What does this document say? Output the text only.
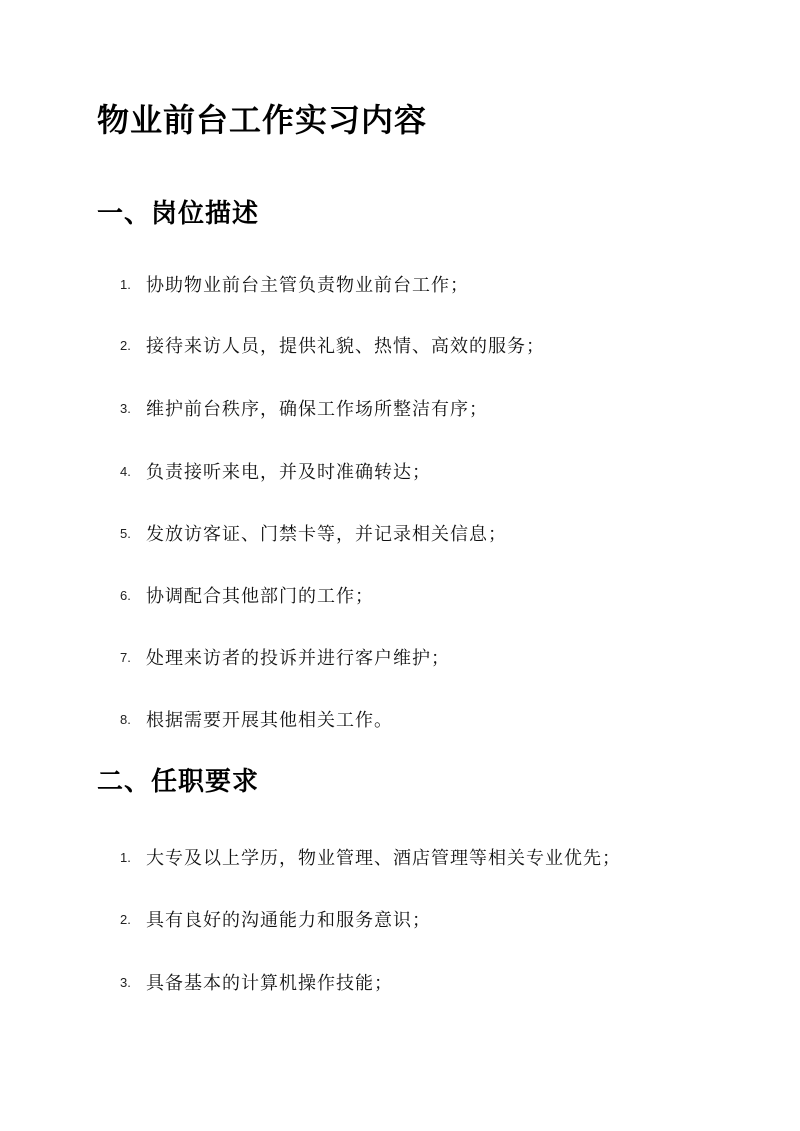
物业前台工作实习内容
一、岗位描述
1. 协助物业前台主管负责物业前台工作；
2. 接待来访人员，提供礼貌、热情、高效的服务；
3. 维护前台秩序，确保工作场所整洁有序；
4. 负责接听来电，并及时准确转达；
5. 发放访客证、门禁卡等，并记录相关信息；
6. 协调配合其他部门的工作；
7. 处理来访者的投诉并进行客户维护；
8. 根据需要开展其他相关工作。
二、任职要求
1. 大专及以上学历，物业管理、酒店管理等相关专业优先；
2. 具有良好的沟通能力和服务意识；
3. 具备基本的计算机操作技能；
